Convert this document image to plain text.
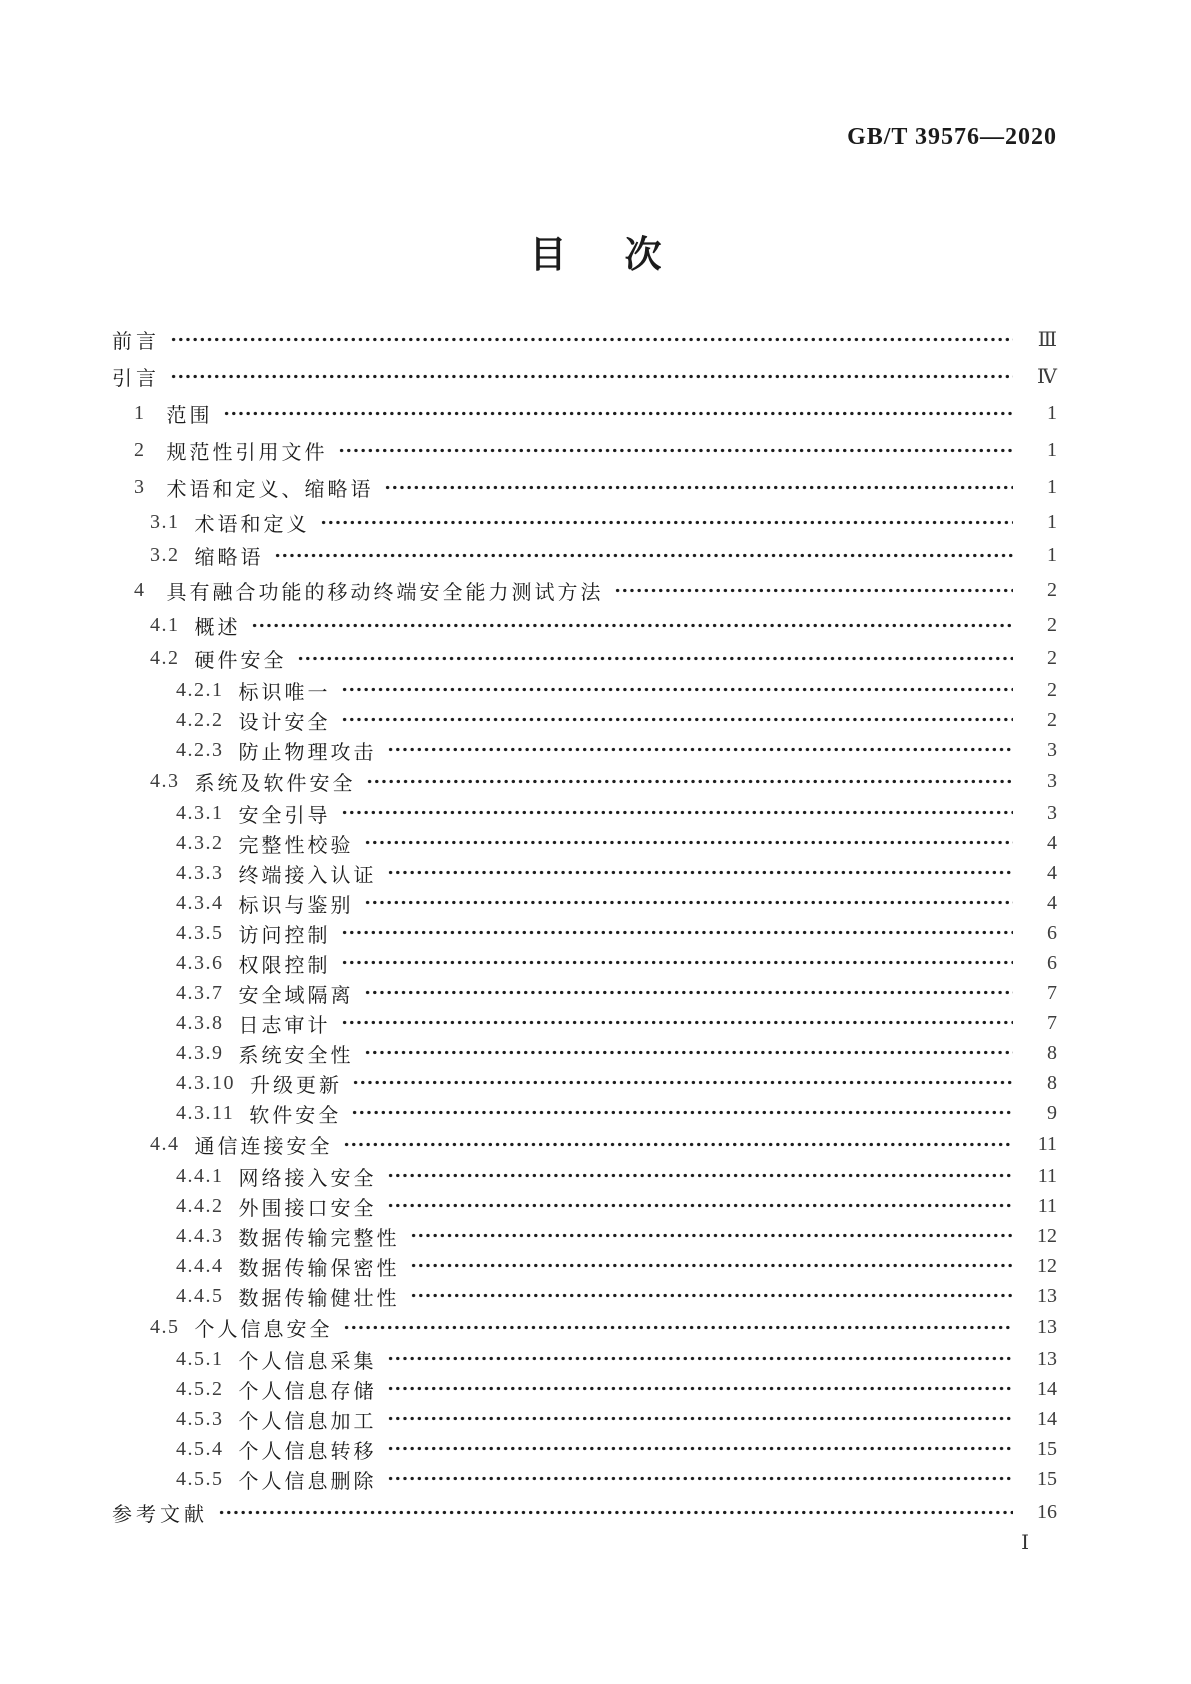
GB/T 39576—2020
目次
前言	Ⅲ
引言	Ⅳ
1 范围	1
2 规范性引用文件	1
3 术语和定义、缩略语	1
3.1 术语和定义	1
3.2 缩略语	1
4 具有融合功能的移动终端安全能力测试方法	2
4.1 概述	2
4.2 硬件安全	2
4.2.1 标识唯一	2
4.2.2 设计安全	2
4.2.3 防止物理攻击	3
4.3 系统及软件安全	3
4.3.1 安全引导	3
4.3.2 完整性校验	4
4.3.3 终端接入认证	4
4.3.4 标识与鉴别	4
4.3.5 访问控制	6
4.3.6 权限控制	6
4.3.7 安全域隔离	7
4.3.8 日志审计	7
4.3.9 系统安全性	8
4.3.10 升级更新	8
4.3.11 软件安全	9
4.4 通信连接安全	11
4.4.1 网络接入安全	11
4.4.2 外围接口安全	11
4.4.3 数据传输完整性	12
4.4.4 数据传输保密性	12
4.4.5 数据传输健壮性	13
4.5 个人信息安全	13
4.5.1 个人信息采集	13
4.5.2 个人信息存储	14
4.5.3 个人信息加工	14
4.5.4 个人信息转移	15
4.5.5 个人信息删除	15
参考文献	16
Ⅰ
